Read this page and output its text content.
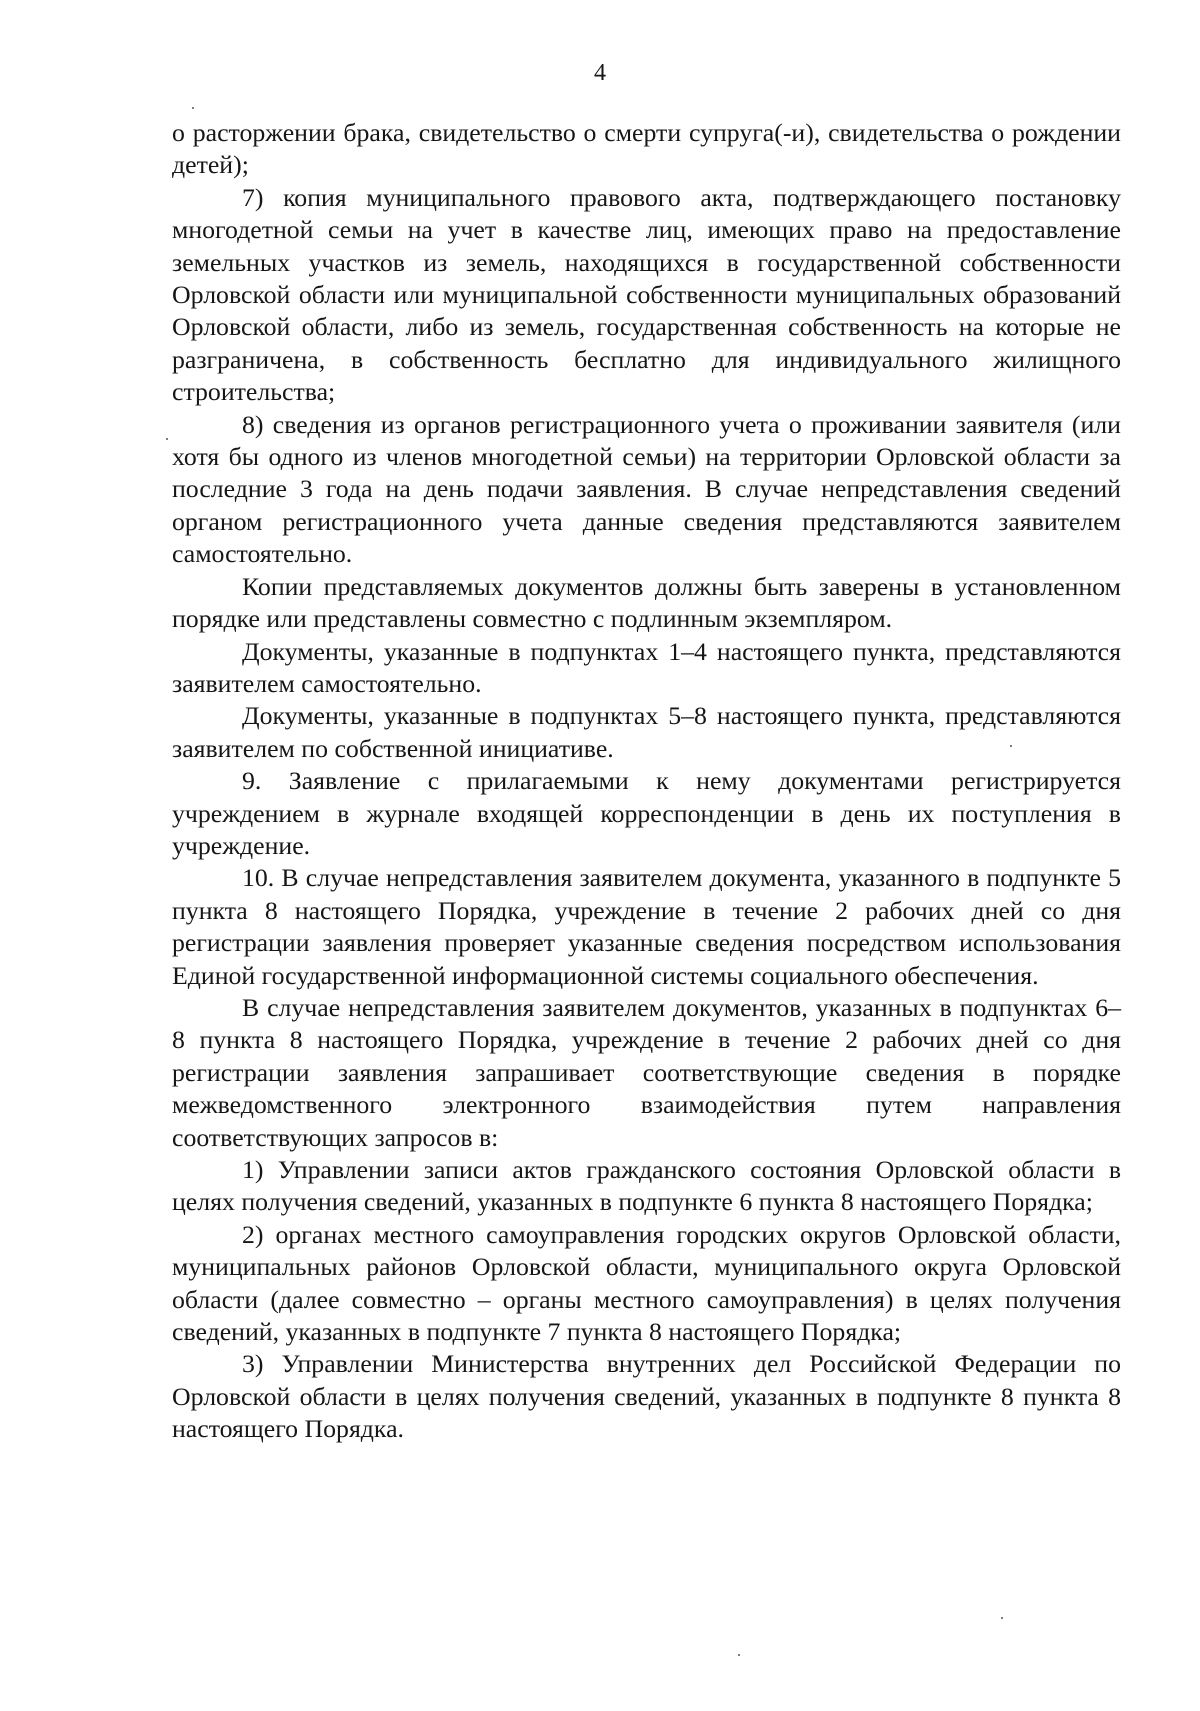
4

о расторжении брака, свидетельство о смерти супруга(-и), свидетельства о рождении детей);

7) копия муниципального правового акта, подтверждающего постановку многодетной семьи на учет в качестве лиц, имеющих право на предоставление земельных участков из земель, находящихся в государственной собственности Орловской области или муниципальной собственности муниципальных образований Орловской области, либо из земель, государственная собственность на которые не разграничена, в собственность бесплатно для индивидуального жилищного строительства;

8) сведения из органов регистрационного учета о проживании заявителя (или хотя бы одного из членов многодетной семьи) на территории Орловской области за последние 3 года на день подачи заявления. В случае непредставления сведений органом регистрационного учета данные сведения представляются заявителем самостоятельно.

Копии представляемых документов должны быть заверены в установленном порядке или представлены совместно с подлинным экземпляром.

Документы, указанные в подпунктах 1–4 настоящего пункта, представляются заявителем самостоятельно.

Документы, указанные в подпунктах 5–8 настоящего пункта, представляются заявителем по собственной инициативе.

9. Заявление с прилагаемыми к нему документами регистрируется учреждением в журнале входящей корреспонденции в день их поступления в учреждение.

10. В случае непредставления заявителем документа, указанного в подпункте 5 пункта 8 настоящего Порядка, учреждение в течение 2 рабочих дней со дня регистрации заявления проверяет указанные сведения посредством использования Единой государственной информационной системы социального обеспечения.

В случае непредставления заявителем документов, указанных в подпунктах 6–8 пункта 8 настоящего Порядка, учреждение в течение 2 рабочих дней со дня регистрации заявления запрашивает соответствующие сведения в порядке межведомственного электронного взаимодействия путем направления соответствующих запросов в:

1) Управлении записи актов гражданского состояния Орловской области в целях получения сведений, указанных в подпункте 6 пункта 8 настоящего Порядка;

2) органах местного самоуправления городских округов Орловской области, муниципальных районов Орловской области, муниципального округа Орловской области (далее совместно – органы местного самоуправления) в целях получения сведений, указанных в подпункте 7 пункта 8 настоящего Порядка;

3) Управлении Министерства внутренних дел Российской Федерации по Орловской области в целях получения сведений, указанных в подпункте 8 пункта 8 настоящего Порядка.
